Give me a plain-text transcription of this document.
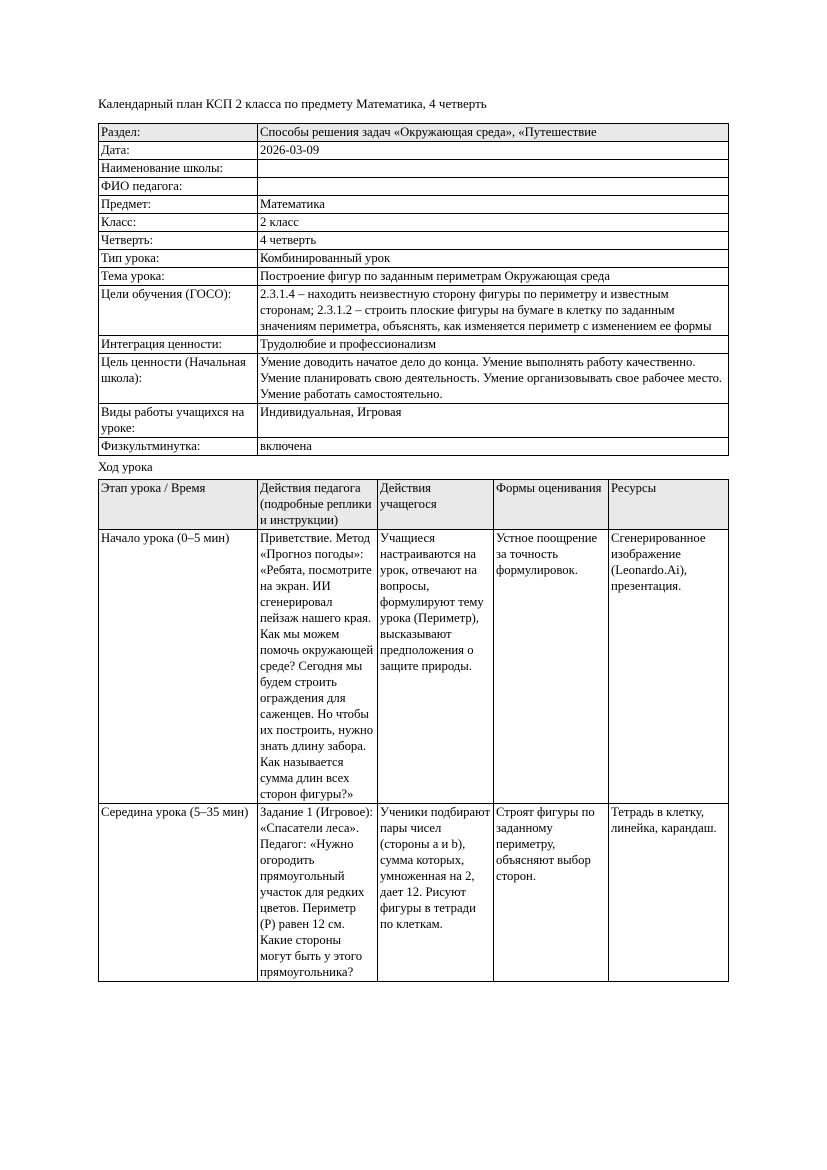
Календарный план КСП 2 класса по предмету Математика, 4 четверть

Раздел:	Способы решения задач «Окружающая среда», «Путешествие
Дата:	2026-03-09
Наименование школы:	
ФИО педагога:	
Предмет:	Математика
Класс:	2 класс
Четверть:	4 четверть
Тип урока:	Комбинированный урок
Тема урока:	Построение фигур по заданным периметрам Окружающая среда
Цели обучения (ГОСО):	2.3.1.4 – находить неизвестную сторону фигуры по периметру и известным сторонам; 2.3.1.2 – строить плоские фигуры на бумаге в клетку по заданным значениям периметра, объяснять, как изменяется периметр с изменением ее формы
Интеграция ценности:	Трудолюбие и профессионализм
Цель ценности (Начальная школа):	Умение доводить начатое дело до конца. Умение выполнять работу качественно. Умение планировать свою деятельность. Умение организовывать свое рабочее место. Умение работать самостоятельно.
Виды работы учащихся на уроке:	Индивидуальная, Игровая
Физкультминутка:	включена

Ход урока

Этап урока / Время	Действия педагога (подробные реплики и инструкции)	Действия учащегося	Формы оценивания	Ресурсы
Начало урока (0–5 мин)	Приветствие. Метод «Прогноз погоды»: «Ребята, посмотрите на экран. ИИ сгенерировал пейзаж нашего края. Как мы можем помочь окружающей среде? Сегодня мы будем строить ограждения для саженцев. Но чтобы их построить, нужно знать длину забора. Как называется сумма длин всех сторон фигуры?»	Учащиеся настраиваются на урок, отвечают на вопросы, формулируют тему урока (Периметр), высказывают предположения о защите природы.	Устное поощрение за точность формулировок.	Сгенерированное изображение (Leonardo.Ai), презентация.
Середина урока (5–35 мин)	Задание 1 (Игровое): «Спасатели леса». Педагог: «Нужно огородить прямоугольный участок для редких цветов. Периметр (P) равен 12 см. Какие стороны могут быть у этого прямоугольника?	Ученики подбирают пары чисел (стороны a и b), сумма которых, умноженная на 2, дает 12. Рисуют фигуры в тетради по клеткам.	Строят фигуры по заданному периметру, объясняют выбор сторон.	Тетрадь в клетку, линейка, карандаш.
